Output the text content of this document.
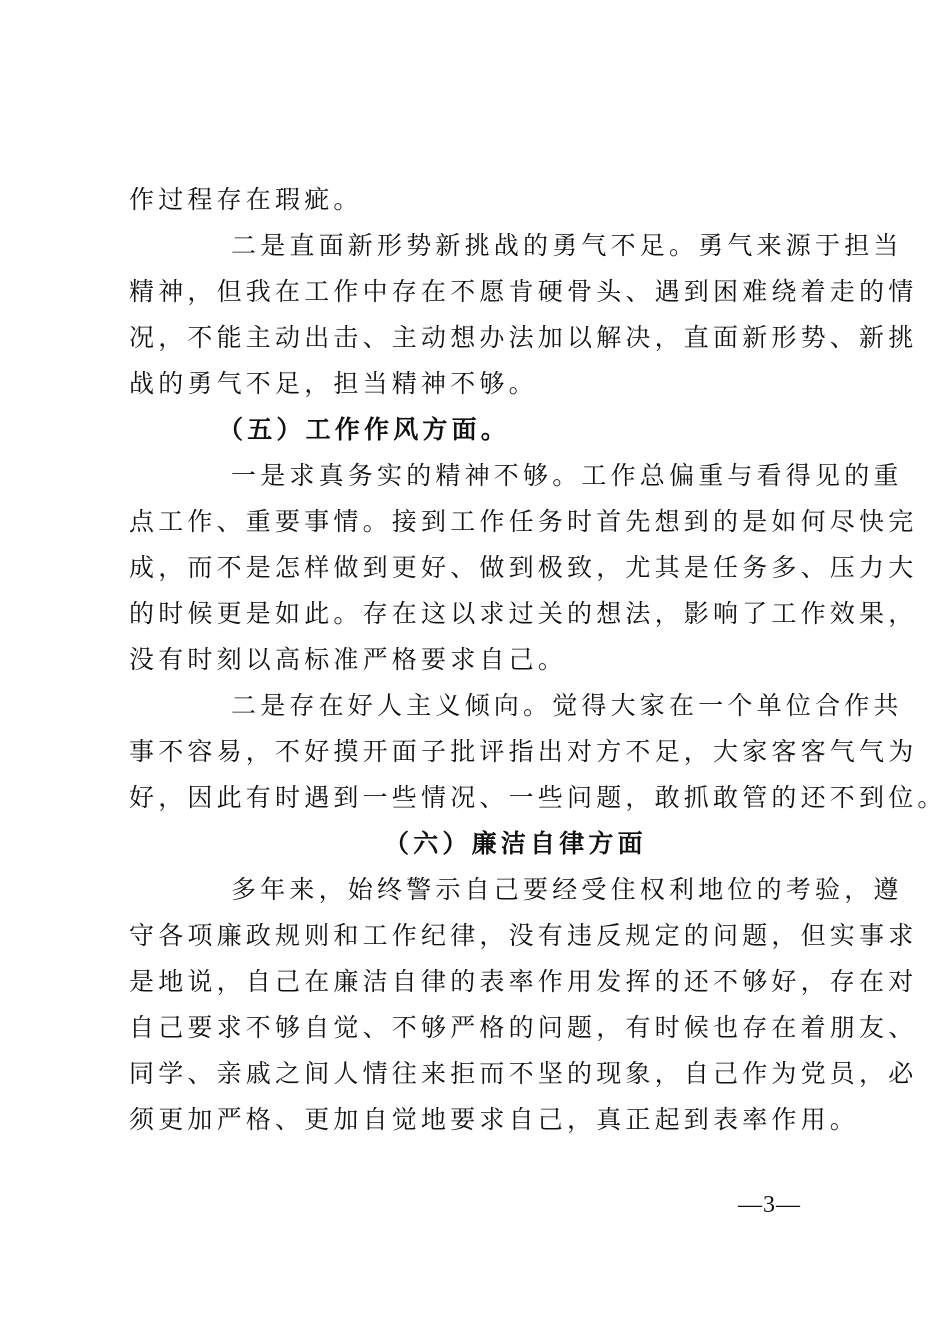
作过程存在瑕疵。
二是直面新形势新挑战的勇气不足。勇气来源于担当
精神，但我在工作中存在不愿肯硬骨头、遇到困难绕着走的情
况，不能主动出击、主动想办法加以解决，直面新形势、新挑
战的勇气不足，担当精神不够。
（五）工作作风方面。
一是求真务实的精神不够。工作总偏重与看得见的重
点工作、重要事情。接到工作任务时首先想到的是如何尽快完
成，而不是怎样做到更好、做到极致，尤其是任务多、压力大
的时候更是如此。存在这以求过关的想法，影响了工作效果，
没有时刻以高标准严格要求自己。
二是存在好人主义倾向。觉得大家在一个单位合作共
事不容易，不好摸开面子批评指出对方不足，大家客客气气为
好，因此有时遇到一些情况、一些问题，敢抓敢管的还不到位。
（六）廉洁自律方面
多年来，始终警示自己要经受住权利地位的考验，遵
守各项廉政规则和工作纪律，没有违反规定的问题，但实事求
是地说，自己在廉洁自律的表率作用发挥的还不够好，存在对
自己要求不够自觉、不够严格的问题，有时候也存在着朋友、
同学、亲戚之间人情往来拒而不坚的现象，自己作为党员，必
须更加严格、更加自觉地要求自己，真正起到表率作用。
—3—
